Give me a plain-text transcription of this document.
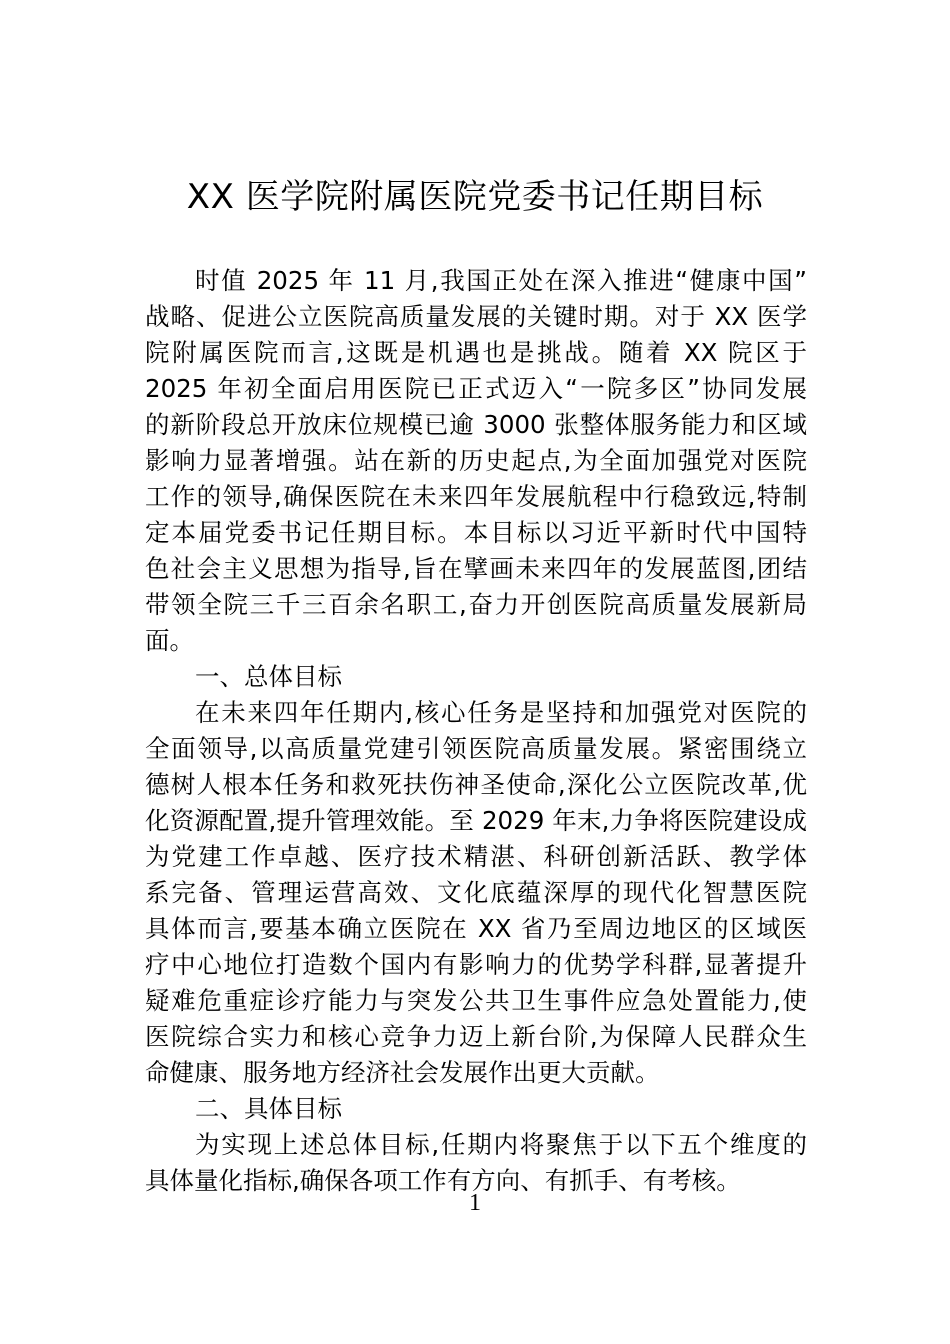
XX 医学院附属医院党委书记任期目标
时值 2025 年 11 月,我国正处在深入推进“健康中国”
战略、促进公立医院高质量发展的关键时期。对于 XX 医学
院附属医院而言,这既是机遇也是挑战。随着 XX 院区于
2025 年初全面启用医院已正式迈入“一院多区”协同发展
的新阶段总开放床位规模已逾 3000 张整体服务能力和区域
影响力显著增强。站在新的历史起点,为全面加强党对医院
工作的领导,确保医院在未来四年发展航程中行稳致远,特制
定本届党委书记任期目标。本目标以习近平新时代中国特
色社会主义思想为指导,旨在擘画未来四年的发展蓝图,团结
带领全院三千三百余名职工,奋力开创医院高质量发展新局
面。
一、总体目标
在未来四年任期内,核心任务是坚持和加强党对医院的
全面领导,以高质量党建引领医院高质量发展。紧密围绕立
德树人根本任务和救死扶伤神圣使命,深化公立医院改革,优
化资源配置,提升管理效能。至 2029 年末,力争将医院建设成
为党建工作卓越、医疗技术精湛、科研创新活跃、教学体
系完备、管理运营高效、文化底蕴深厚的现代化智慧医院
具体而言,要基本确立医院在 XX 省乃至周边地区的区域医
疗中心地位打造数个国内有影响力的优势学科群,显著提升
疑难危重症诊疗能力与突发公共卫生事件应急处置能力,使
医院综合实力和核心竞争力迈上新台阶,为保障人民群众生
命健康、服务地方经济社会发展作出更大贡献。
二、具体目标
为实现上述总体目标,任期内将聚焦于以下五个维度的
具体量化指标,确保各项工作有方向、有抓手、有考核。
1
